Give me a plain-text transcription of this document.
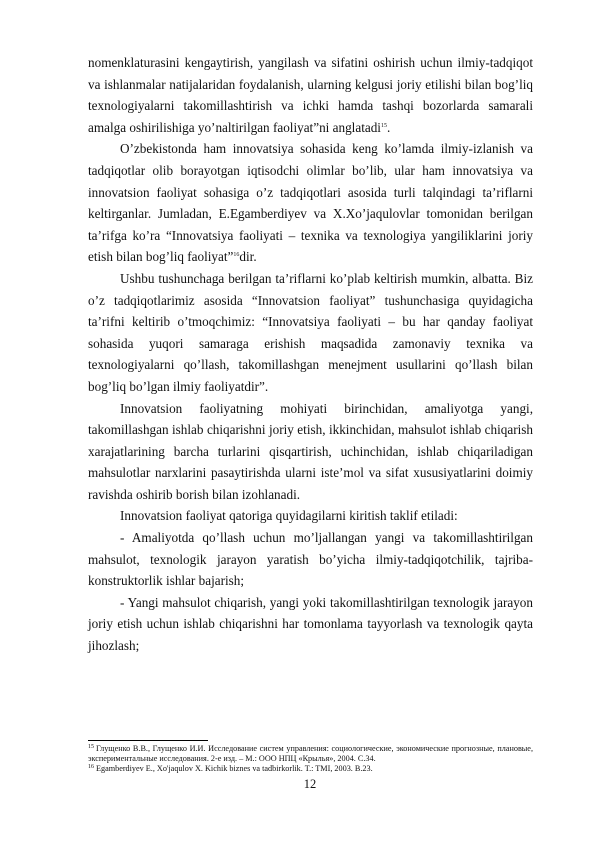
nomenklaturasini kengaytirish, yangilash va sifatini oshirish uchun ilmiy-tadqiqot va ishlanmalar natijalaridan foydalanish, ularning kelgusi joriy etilishi bilan bog’liq texnologiyalarni takomillashtirish va ichki hamda tashqi bozorlarda samarali amalga oshirilishiga yo’naltirilgan faoliyat”ni anglatadi$^{15}$.

O’zbekistonda ham innovatsiya sohasida keng ko’lamda ilmiy-izlanish va tadqiqotlar olib borayotgan iqtisodchi olimlar bo’lib, ular ham innovatsiya va innovatsion faoliyat sohasiga o’z tadqiqotlari asosida turli talqindagi ta’riflarni keltirganlar. Jumladan, E.Egamberdiyev va X.Xo’jaqulovlar tomonidan berilgan ta’rifga ko’ra “Innovatsiya faoliyati – texnika va texnologiya yangiliklarini joriy etish bilan bog’liq faoliyat”$^{16}$dir.

Ushbu tushunchaga berilgan ta’riflarni ko’plab keltirish mumkin, albatta. Biz o’z tadqiqotlarimiz asosida “Innovatsion faoliyat” tushunchasiga quyidagicha ta’rifni keltirib o’tmoqchimiz: “Innovatsiya faoliyati – bu har qanday faoliyat sohasida yuqori samaraga erishish maqsadida zamonaviy texnika va texnologiyalarni qo’llash, takomillashgan menejment usullarini qo’llash bilan bog’liq bo’lgan ilmiy faoliyatdir”.

Innovatsion faoliyatning mohiyati birinchidan, amaliyotga yangi, takomillashgan ishlab chiqarishni joriy etish, ikkinchidan, mahsulot ishlab chiqarish xarajatlarining barcha turlarini qisqartirish, uchinchidan, ishlab chiqariladigan mahsulotlar narxlarini pasaytirishda ularni iste’mol va sifat xususiyatlarini doimiy ravishda oshirib borish bilan izohlanadi.

Innovatsion faoliyat qatoriga quyidagilarni kiritish taklif etiladi:

- Amaliyotda qo’llash uchun mo’ljallangan yangi va takomillashtirilgan mahsulot, texnologik jarayon yaratish bo’yicha ilmiy-tadqiqotchilik, tajriba-konstruktorlik ishlar bajarish;

- Yangi mahsulot chiqarish, yangi yoki takomillashtirilgan texnologik jarayon joriy etish uchun ishlab chiqarishni har tomonlama tayyorlash va texnologik qayta jihozlash;

$^{15}$ Глущенко В.В., Глущенко И.И. Исследование систем управления: социологические, экономические прогнозные, плановые, экспериментальные исследования. 2-е изд. – М.: ООО НПЦ «Крылья», 2004. С.34.

$^{16}$ Egamberdiyev E., Xo'jaqulov X. Kichik biznes va tadbirkorlik. T.: TMI, 2003. B.23.

12
